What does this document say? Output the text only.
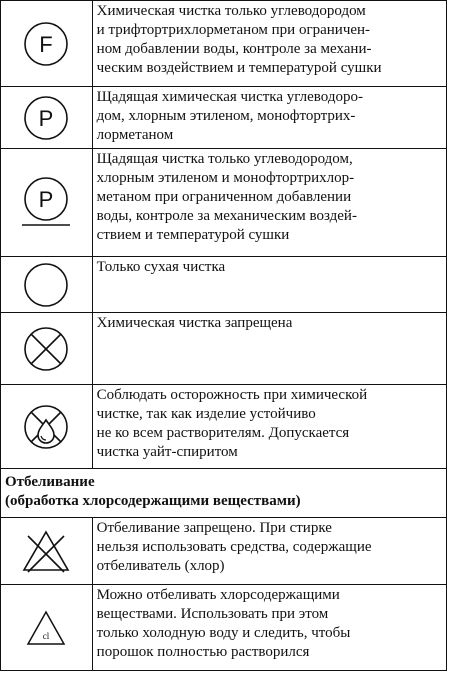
F	Химическая чистка только углеводородом
и трифтортрихлорметаном при ограничен-
ном добавлении воды, контроле за механи-
ческим воздействием и температурой сушки

P	Щадящая химическая чистка углеводоро-
дом, хлорным этиленом, монофтортрих-
лорметаном

P	Щадящая чистка только углеводородом,
хлорным этиленом и монофтортрихлор-
метаном при ограниченном добавлении
воды, контроле за механическим воздей-
ствием и температурой сушки

Только сухая чистка

Химическая чистка запрещена

Соблюдать осторожность при химической
чистке, так как изделие устойчиво
не ко всем растворителям. Допускается
чистка уайт-спиритом

Отбеливание
(обработка хлорсодержащими веществами)	

Отбеливание запрещено. При стирке
нельзя использовать средства, содержащие
отбеливатель (хлор)

cl	Можно отбеливать хлорсодержащими
веществами. Использовать при этом
только холодную воду и следить, чтобы
порошок полностью растворился
